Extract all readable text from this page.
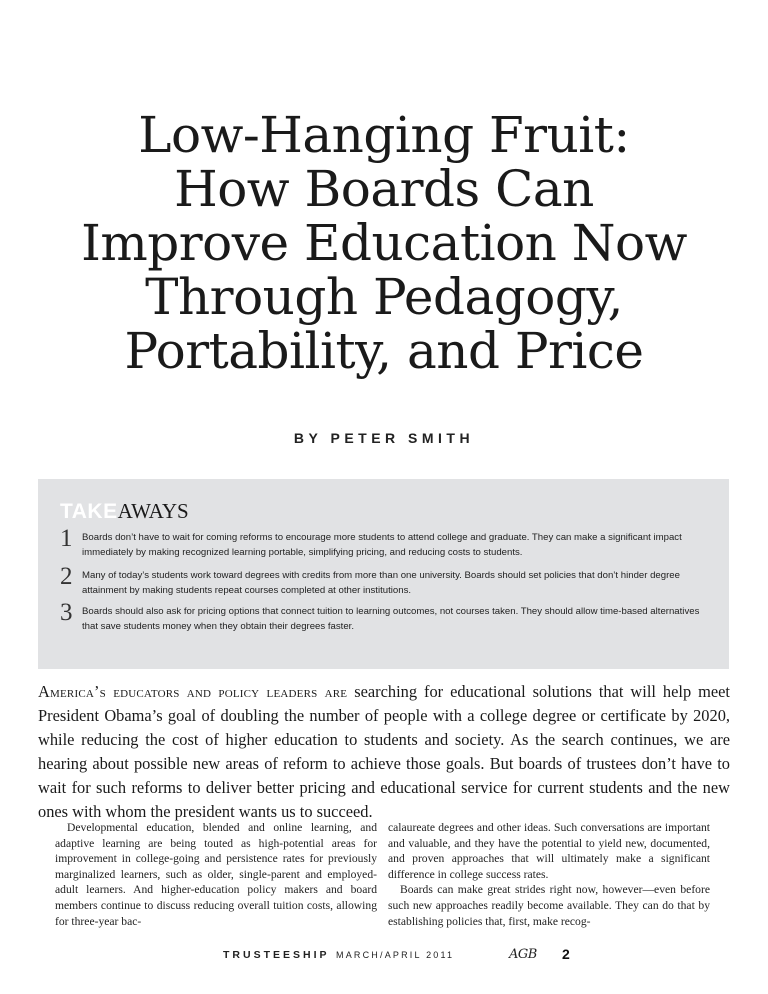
Low-Hanging Fruit:
How Boards Can
Improve Education Now
Through Pedagogy,
Portability, and Price
BY PETER SMITH
TAKEAWAYS
1 Boards don’t have to wait for coming reforms to encourage more students to attend college and graduate. They can make a significant impact immediately by making recognized learning portable, simplifying pricing, and reducing costs to students.
2 Many of today’s students work toward degrees with credits from more than one university. Boards should set policies that don’t hinder degree attainment by making students repeat courses completed at other institutions.
3 Boards should also ask for pricing options that connect tuition to learning outcomes, not courses taken. They should allow time-based alternatives that save students money when they obtain their degrees faster.
America’s educators and policy leaders are searching for educational solutions that will help meet President Obama’s goal of doubling the number of people with a college degree or certificate by 2020, while reducing the cost of higher education to students and society. As the search continues, we are hearing about possible new areas of reform to achieve those goals. But boards of trustees don’t have to wait for such reforms to deliver better pricing and educational service for current students and the new ones with whom the president wants us to succeed.

Developmental education, blended and online learning, and adaptive learning are being touted as high-potential areas for improvement in college-going and persistence rates for previously marginalized learners, such as older, single-parent and employed-adult learners. And higher-education policy makers and board members continue to discuss reducing overall tuition costs, allowing for three-year bac-

calaureate degrees and other ideas. Such conversations are important and valuable, and they have the potential to yield new, documented, and proven approaches that will ultimately make a significant difference in college success rates.

Boards can make great strides right now, however—even before such new approaches readily become available. They can do that by establishing policies that, first, make recog-

TRUSTEESHIP MARCH/APRIL 2011	AGB 2
